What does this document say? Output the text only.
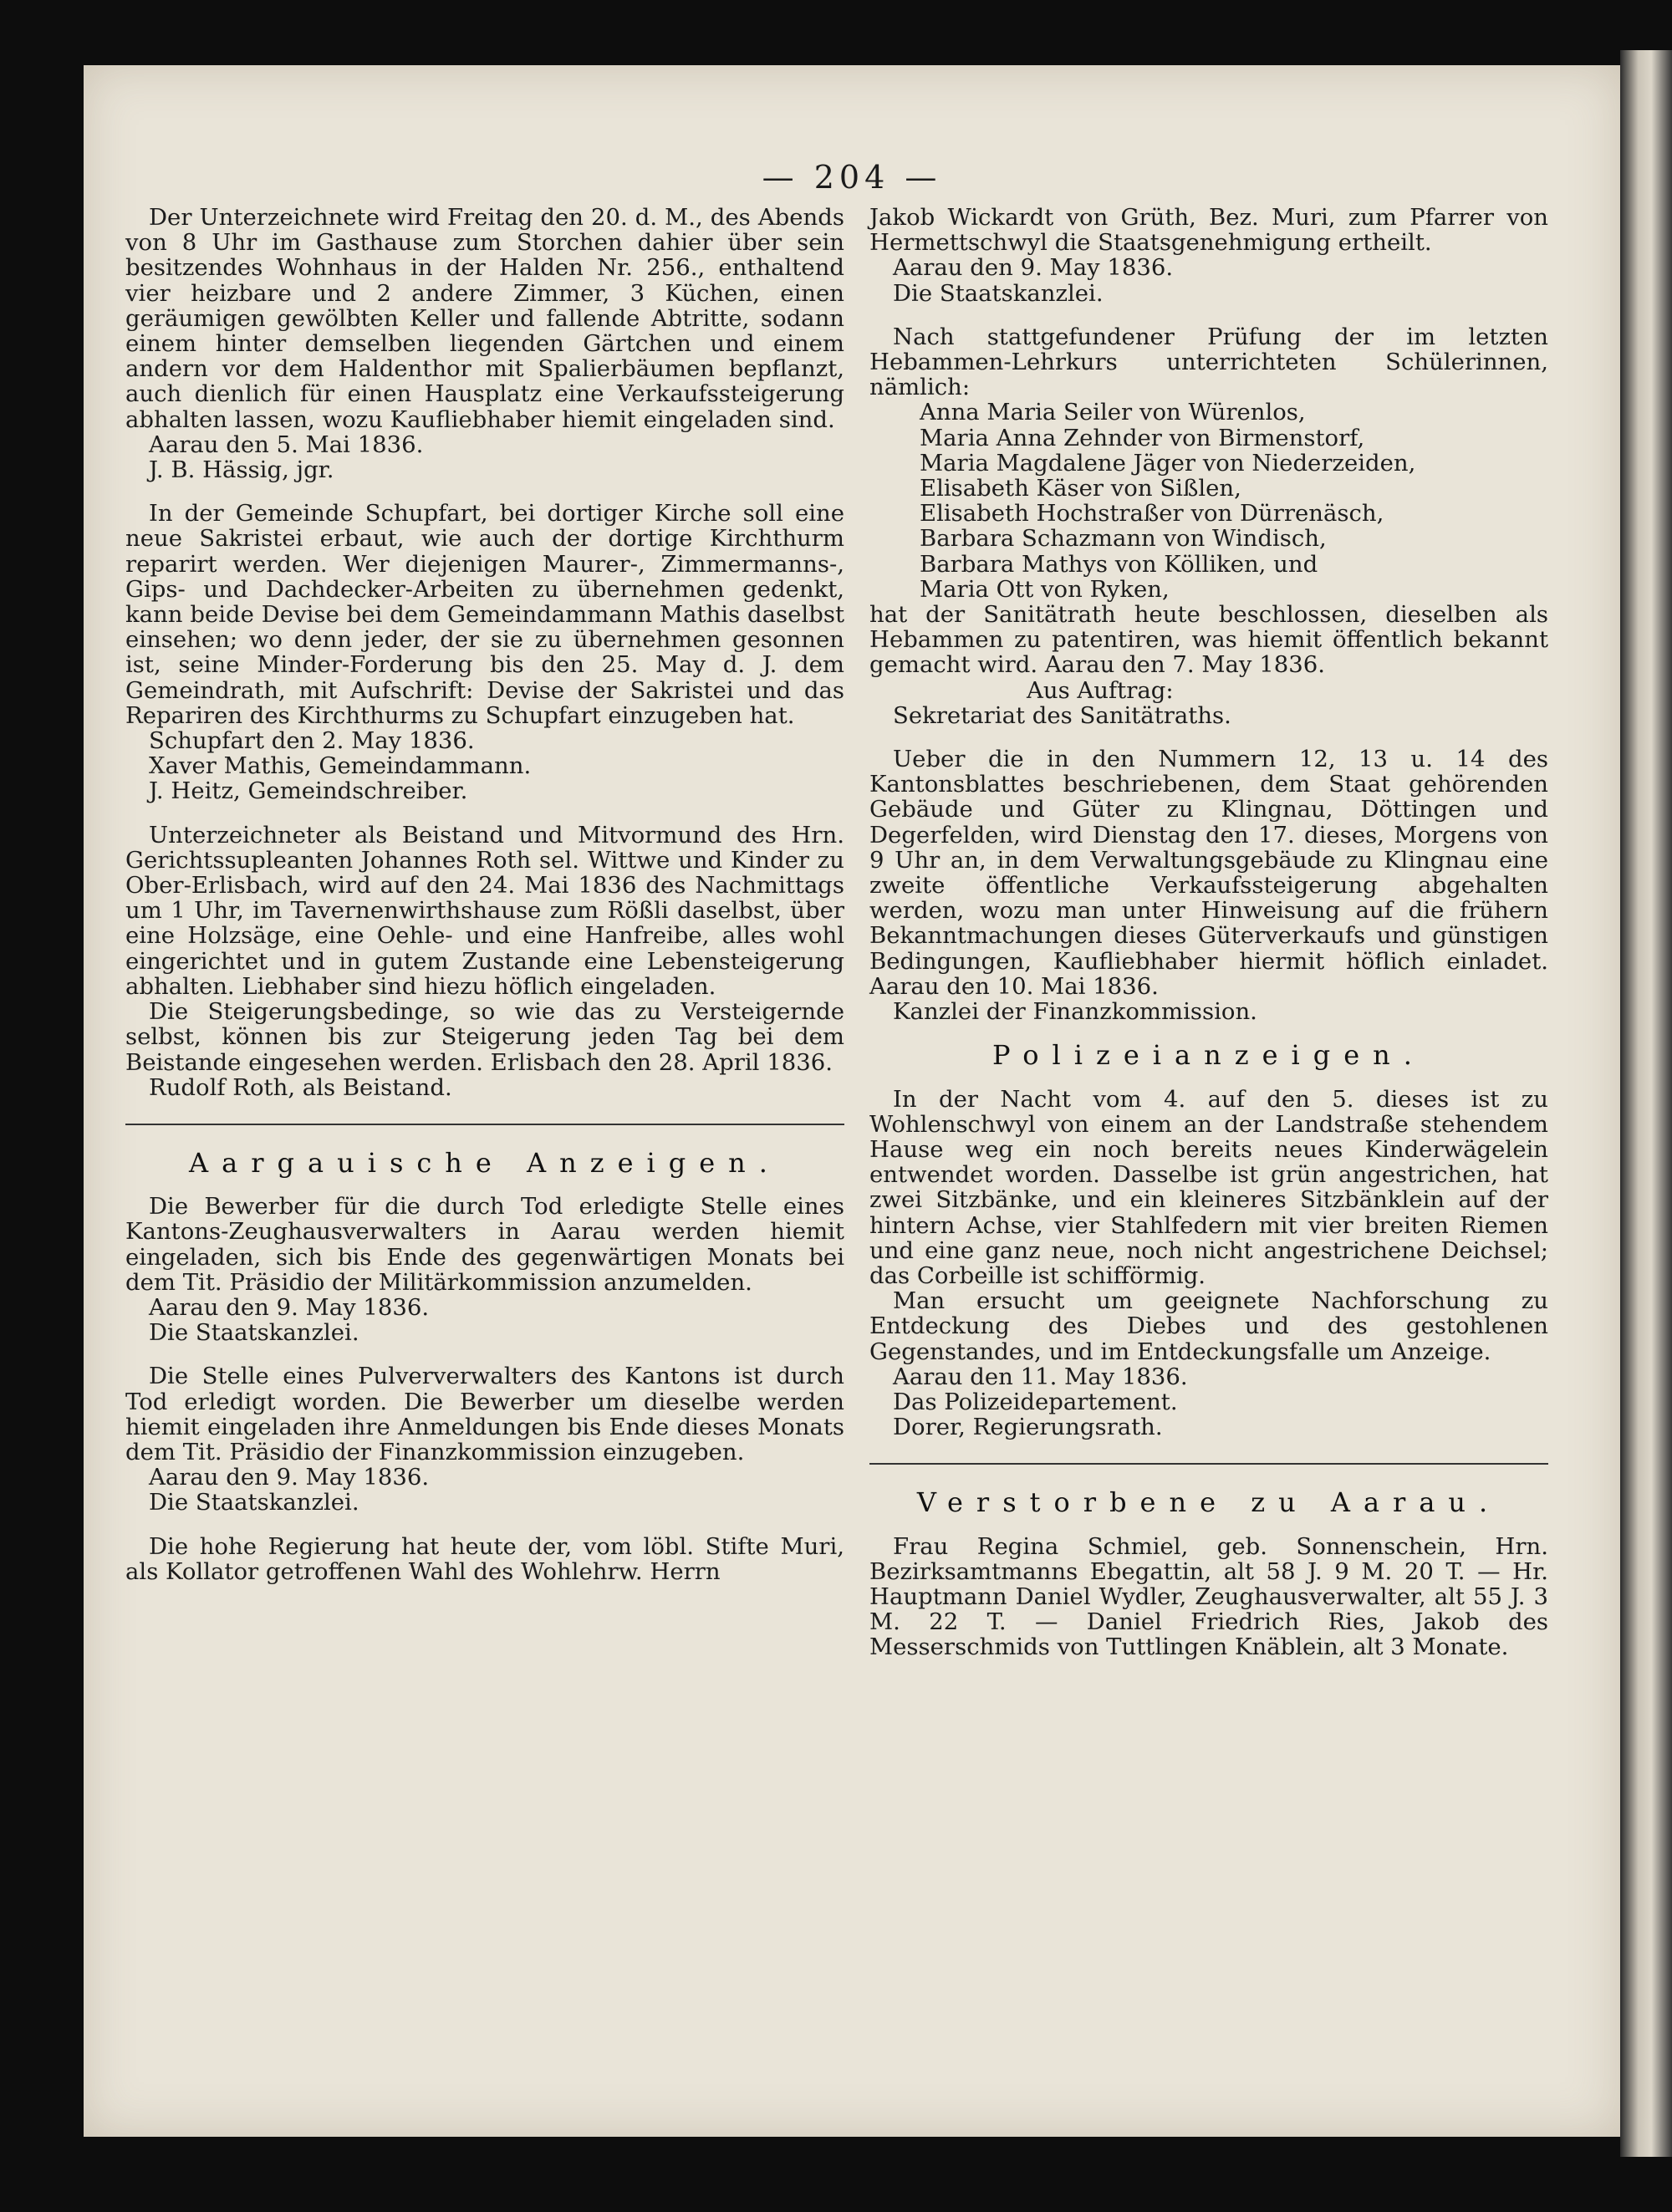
— 204 —

Der Unterzeichnete wird Freitag den 20. d. M., des Abends von 8 Uhr im Gasthause zum Storchen dahier über sein besitzendes Wohnhaus in der Halden Nr. 256., enthaltend vier heizbare und 2 andere Zimmer, 3 Küchen, einen geräumigen gewölbten Keller und fallende Abtritte, sodann einem hinter demselben liegenden Gärtchen und einem andern vor dem Haldenthor mit Spalierbäumen bepflanzt, auch dienlich für einen Hausplatz eine Verkaufssteigerung abhalten lassen, wozu Kaufliebhaber hiemit eingeladen sind.

Aarau den 5. Mai 1836.

J. B. Hässig, jgr.

In der Gemeinde Schupfart, bei dortiger Kirche soll eine neue Sakristei erbaut, wie auch der dortige Kirchthurm reparirt werden. Wer diejenigen Maurer-, Zimmermanns-, Gips- und Dachdecker-Arbeiten zu übernehmen gedenkt, kann beide Devise bei dem Gemeindammann Mathis daselbst einsehen; wo denn jeder, der sie zu übernehmen gesonnen ist, seine Minder-Forderung bis den 25. May d. J. dem Gemeindrath, mit Aufschrift: Devise der Sakristei und das Repariren des Kirchthurms zu Schupfart einzugeben hat.

Schupfart den 2. May 1836.

Xaver Mathis, Gemeindammann.

J. Heitz, Gemeindschreiber.

Unterzeichneter als Beistand und Mitvormund des Hrn. Gerichtssupleanten Johannes Roth sel. Wittwe und Kinder zu Ober-Erlisbach, wird auf den 24. Mai 1836 des Nachmittags um 1 Uhr, im Tavernenwirthshause zum Rößli daselbst, über eine Holzsäge, eine Oehle- und eine Hanfreibe, alles wohl eingerichtet und in gutem Zustande eine Lebensteigerung abhalten. Liebhaber sind hiezu höflich eingeladen.

Die Steigerungsbedinge, so wie das zu Versteigernde selbst, können bis zur Steigerung jeden Tag bei dem Beistande eingesehen werden. Erlisbach den 28. April 1836.

Rudolf Roth, als Beistand.

Aargauische Anzeigen.

Die Bewerber für die durch Tod erledigte Stelle eines Kantons-Zeughausverwalters in Aarau werden hiemit eingeladen, sich bis Ende des gegenwärtigen Monats bei dem Tit. Präsidio der Militärkommission anzumelden.

Aarau den 9. May 1836.

Die Staatskanzlei.

Die Stelle eines Pulververwalters des Kantons ist durch Tod erledigt worden. Die Bewerber um dieselbe werden hiemit eingeladen ihre Anmeldungen bis Ende dieses Monats dem Tit. Präsidio der Finanzkommission einzugeben.

Aarau den 9. May 1836.

Die Staatskanzlei.

Die hohe Regierung hat heute der, vom löbl. Stifte Muri, als Kollator getroffenen Wahl des Wohlehrw. Herrn

Jakob Wickardt von Grüth, Bez. Muri, zum Pfarrer von Hermettschwyl die Staatsgenehmigung ertheilt.

Aarau den 9. May 1836.

Die Staatskanzlei.

Nach stattgefundener Prüfung der im letzten Hebammen-Lehrkurs unterrichteten Schülerinnen, nämlich:

Anna Maria Seiler von Würenlos,
Maria Anna Zehnder von Birmenstorf,
Maria Magdalene Jäger von Niederzeiden,
Elisabeth Käser von Sißlen,
Elisabeth Hochstraßer von Dürrenäsch,
Barbara Schazmann von Windisch,
Barbara Mathys von Kölliken, und
Maria Ott von Ryken,

hat der Sanitätrath heute beschlossen, dieselben als Hebammen zu patentiren, was hiemit öffentlich bekannt gemacht wird. Aarau den 7. May 1836.

Aus Auftrag:

Sekretariat des Sanitätraths.

Ueber die in den Nummern 12, 13 u. 14 des Kantonsblattes beschriebenen, dem Staat gehörenden Gebäude und Güter zu Klingnau, Döttingen und Degerfelden, wird Dienstag den 17. dieses, Morgens von 9 Uhr an, in dem Verwaltungsgebäude zu Klingnau eine zweite öffentliche Verkaufssteigerung abgehalten werden, wozu man unter Hinweisung auf die frühern Bekanntmachungen dieses Güterverkaufs und günstigen Bedingungen, Kaufliebhaber hiermit höflich einladet. Aarau den 10. Mai 1836.

Kanzlei der Finanzkommission.

Polizeianzeigen.

In der Nacht vom 4. auf den 5. dieses ist zu Wohlenschwyl von einem an der Landstraße stehendem Hause weg ein noch bereits neues Kinderwägelein entwendet worden. Dasselbe ist grün angestrichen, hat zwei Sitzbänke, und ein kleineres Sitzbänklein auf der hintern Achse, vier Stahlfedern mit vier breiten Riemen und eine ganz neue, noch nicht angestrichene Deichsel; das Corbeille ist schifförmig.

Man ersucht um geeignete Nachforschung zu Entdeckung des Diebes und des gestohlenen Gegenstandes, und im Entdeckungsfalle um Anzeige.

Aarau den 11. May 1836.

Das Polizeidepartement.

Dorer, Regierungsrath.

Verstorbene zu Aarau.

Frau Regina Schmiel, geb. Sonnenschein, Hrn. Bezirksamtmanns Ebegattin, alt 58 J. 9 M. 20 T. — Hr. Hauptmann Daniel Wydler, Zeughausverwalter, alt 55 J. 3 M. 22 T. — Daniel Friedrich Ries, Jakob des Messerschmids von Tuttlingen Knäblein, alt 3 Monate.
